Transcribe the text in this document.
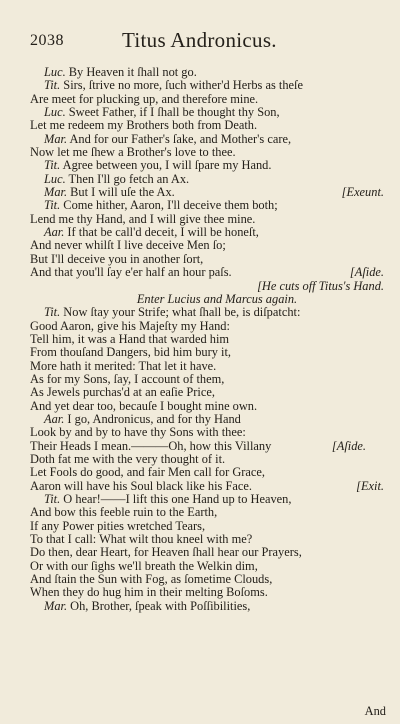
2038	Titus Andronicus.
Luc. By Heaven it ſhall not go.
Tit. Sirs, ſtrive no more, ſuch wither'd Herbs as theſe
Are meet for plucking up, and therefore mine.
Luc. Sweet Father, if I ſhall be thought thy Son,
Let me redeem my Brothers both from Death.
Mar. And for our Father's ſake, and Mother's care,
Now let me ſhew a Brother's love to thee.
Tit. Agree between you, I will ſpare my Hand.
Luc. Then I'll go fetch an Ax.
Mar. But I will uſe the Ax.	[Exeunt.
Tit. Come hither, Aaron, I'll deceive them both;
Lend me thy Hand, and I will give thee mine.
Aar. If that be call'd deceit, I will be honeſt,
And never whilſt I live deceive Men ſo;
But I'll deceive you in another ſort,
And that you'll ſay e'er half an hour paſs.	[Aſide.
[He cuts off Titus's Hand.
Enter Lucius and Marcus again.
Tit. Now ſtay your Strife; what ſhall be, is diſpatcht:
Good Aaron, give his Majeſty my Hand:
Tell him, it was a Hand that warded him
From thouſand Dangers, bid him bury it,
More hath it merited: That let it have.
As for my Sons, ſay, I account of them,
As Jewels purchas'd at an eaſie Price,
And yet dear too, becauſe I bought mine own.
Aar. I go, Andronicus, and for thy Hand
Look by and by to have thy Sons with thee:
Their Heads I mean.———Oh, how this Villany	[Aſide.
Doth fat me with the very thought of it.
Let Fools do good, and fair Men call for Grace,
Aaron will have his Soul black like his Face.	[Exit.
Tit. O hear!——I lift this one Hand up to Heaven,
And bow this feeble ruin to the Earth,
If any Power pities wretched Tears,
To that I call: What wilt thou kneel with me?
Do then, dear Heart, for Heaven ſhall hear our Prayers,
Or with our ſighs we'll breath the Welkin dim,
And ſtain the Sun with Fog, as ſometime Clouds,
When they do hug him in their melting Boſoms.
Mar. Oh, Brother, ſpeak with Poſſibilities,
And
